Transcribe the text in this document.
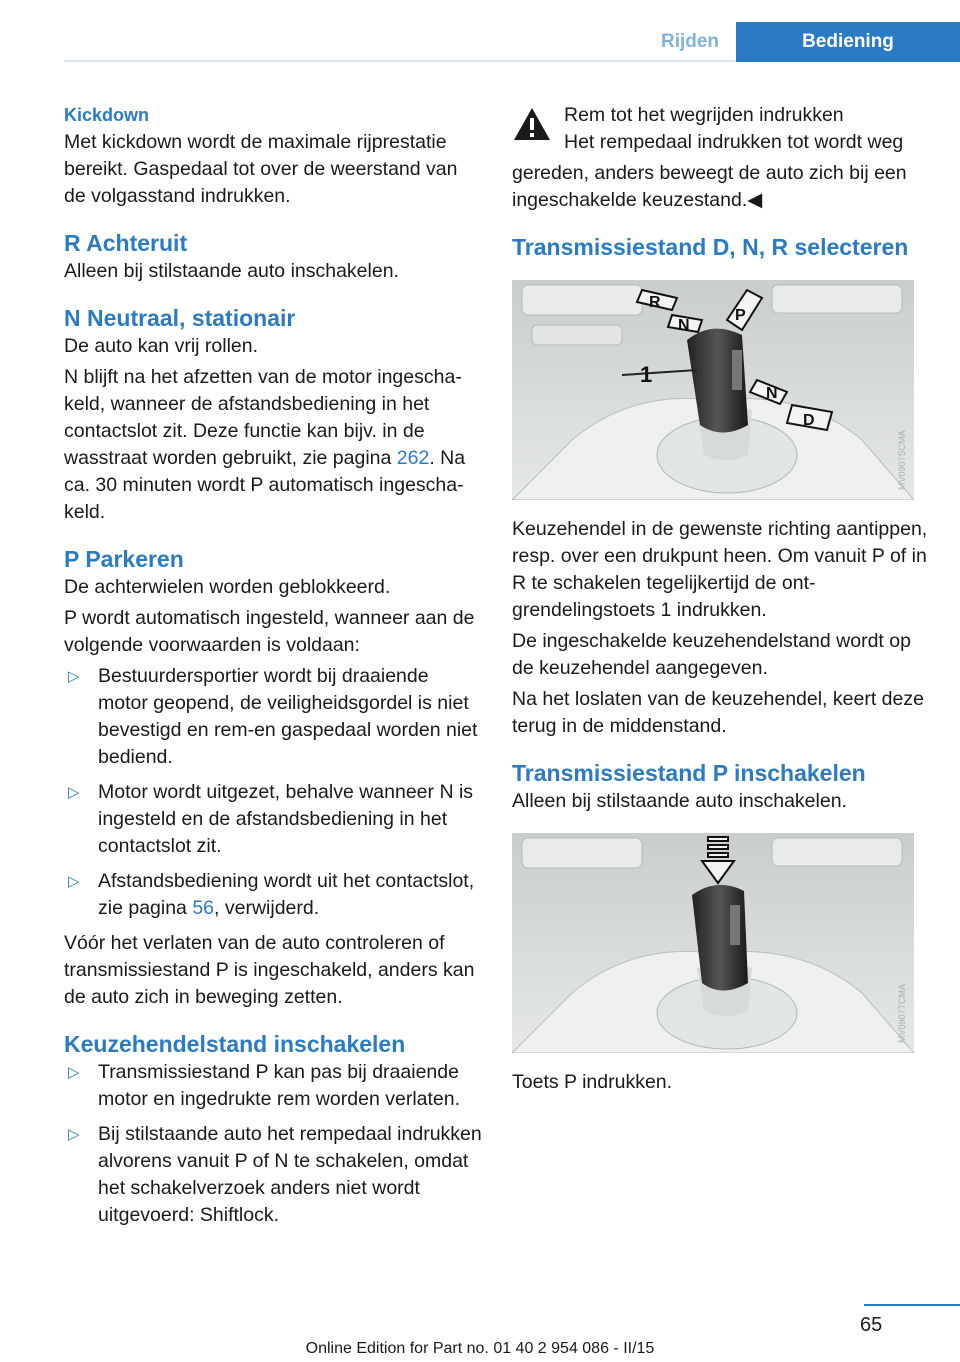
Rijden	Bediening
Kickdown

Met kickdown wordt de maximale rijprestatie bereikt. Gaspedaal tot over de weerstand van de volgasstand indrukken.

R Achteruit

Alleen bij stilstaande auto inschakelen.

N Neutraal, stationair

De auto kan vrij rollen.

N blijft na het afzetten van de motor ingeschakeld, wanneer de afstandsbediening in het contactslot zit. Deze functie kan bijv. in de wasstraat worden gebruikt, zie pagina 262. Na ca. 30 minuten wordt P automatisch ingeschakeld.

P Parkeren

De achterwielen worden geblokkeerd.

P wordt automatisch ingesteld, wanneer aan de volgende voorwaarden is voldaan:

▷ Bestuurdersportier wordt bij draaiende motor geopend, de veiligheidsgordel is niet bevestigd en rem-en gaspedaal worden niet bediend.
▷ Motor wordt uitgezet, behalve wanneer N is ingesteld en de afstandsbediening in het contactslot zit.
▷ Afstandsbediening wordt uit het contactslot, zie pagina 56, verwijderd.

Vóór het verlaten van de auto controleren of transmissiestand P is ingeschakeld, anders kan de auto zich in beweging zetten.

Keuzehendelstand inschakelen
▷ Transmissiestand P kan pas bij draaiende motor en ingedrukte rem worden verlaten.
▷ Bij stilstaande auto het rempedaal indrukken alvorens vanuit P of N te schakelen, omdat het schakelverzoek anders niet wordt uitgevoerd: Shiftlock.

Rem tot het wegrijden indrukken

Het rempedaal indrukken tot wordt weg

gereden, anders beweegt de auto zich bij een ingeschakelde keuzestand.◀

Transmissiestand D, N, R selecteren
1
R
N
P
N
D
MV0907SCMA

Keuzehendel in de gewenste richting aantippen, resp. over een drukpunt heen. Om vanuit P of in R te schakelen tegelijkertijd de ontgrendelingstoets 1 indrukken.

De ingeschakelde keuzehendelstand wordt op de keuzehendel aangegeven.

Na het loslaten van de keuzehendel, keert deze terug in de middenstand.

Transmissiestand P inschakelen

Alleen bij stilstaande auto inschakelen.

MV0907TCMA

Toets P indrukken.

65
Online Edition for Part no. 01 40 2 954 086 - II/15
